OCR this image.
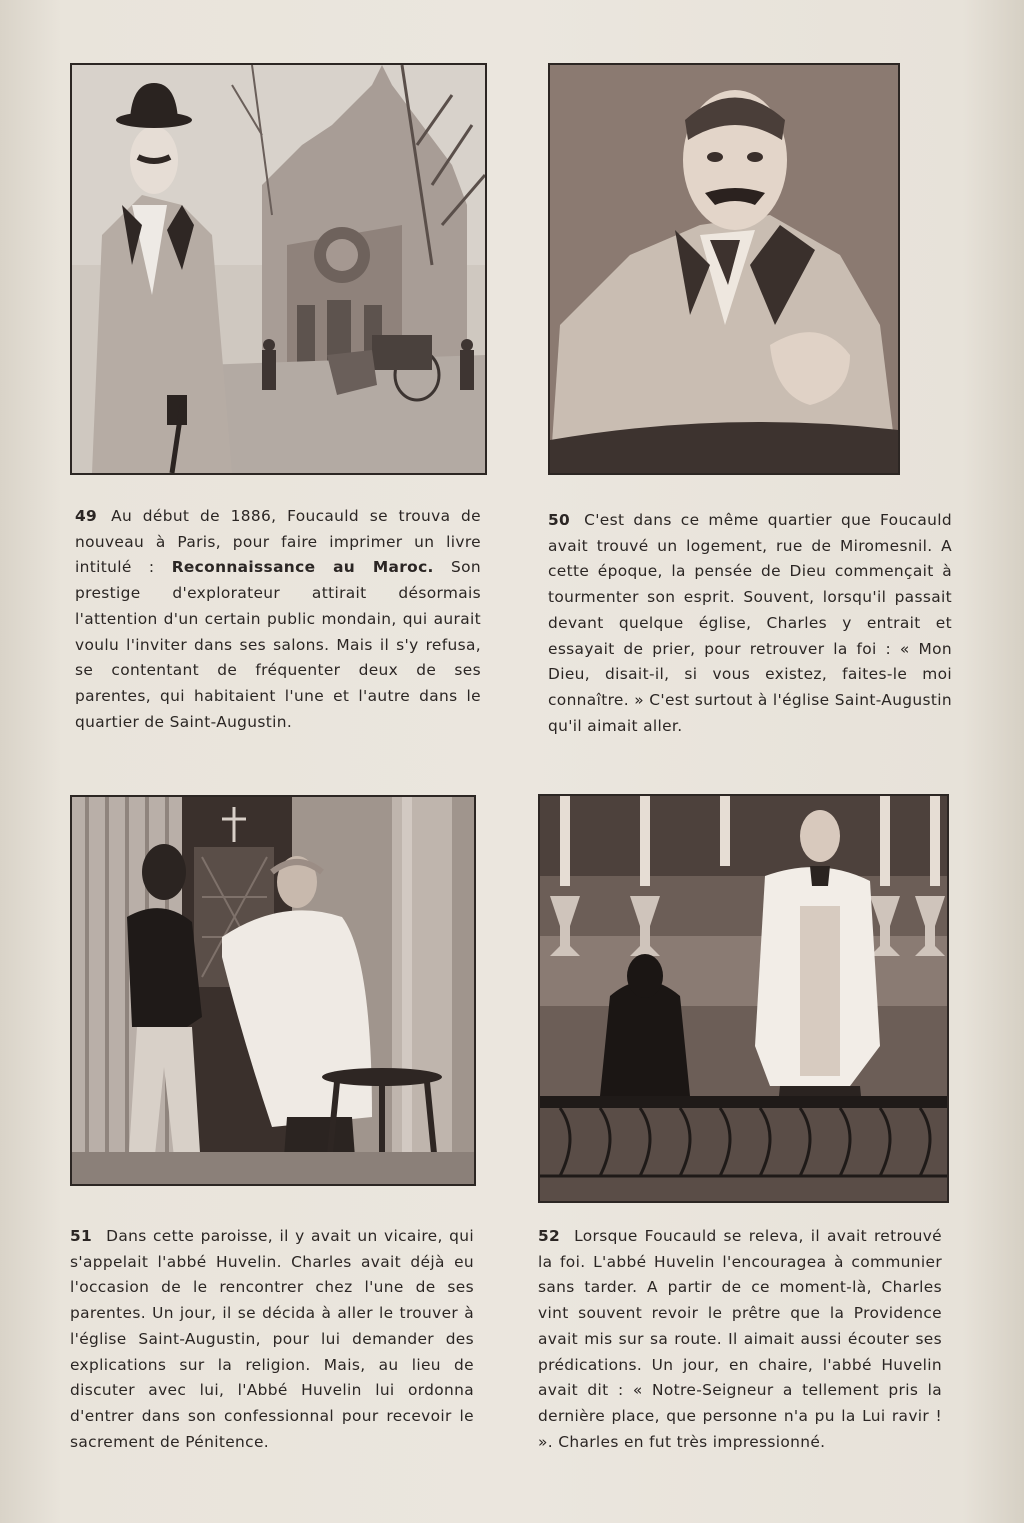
49 Au début de 1886, Foucauld se trouva de nouveau à Paris, pour faire imprimer un livre intitulé : Reconnaissance au Maroc. Son prestige d'explorateur attirait désormais l'attention d'un certain public mondain, qui aurait voulu l'inviter dans ses salons. Mais il s'y refusa, se contentant de fréquenter deux de ses parentes, qui habitaient l'une et l'autre dans le quartier de Saint-Augustin.

50 C'est dans ce même quartier que Foucauld avait trouvé un logement, rue de Miromesnil. A cette époque, la pensée de Dieu commençait à tourmenter son esprit. Souvent, lorsqu'il passait devant quelque église, Charles y entrait et essayait de prier, pour retrouver la foi : « Mon Dieu, disait-il, si vous existez, faites-le moi connaître. » C'est surtout à l'église Saint-Augustin qu'il aimait aller.

51 Dans cette paroisse, il y avait un vicaire, qui s'appelait l'abbé Huvelin. Charles avait déjà eu l'occasion de le rencontrer chez l'une de ses parentes. Un jour, il se décida à aller le trouver à l'église Saint-Augustin, pour lui demander des explications sur la religion. Mais, au lieu de discuter avec lui, l'Abbé Huvelin lui ordonna d'entrer dans son confessionnal pour recevoir le sacrement de Pénitence.

52 Lorsque Foucauld se releva, il avait retrouvé la foi. L'abbé Huvelin l'encouragea à communier sans tarder. A partir de ce moment-là, Charles vint souvent revoir le prêtre que la Providence avait mis sur sa route. Il aimait aussi écouter ses prédications. Un jour, en chaire, l'abbé Huvelin avait dit : « Notre-Seigneur a tellement pris la dernière place, que personne n'a pu la Lui ravir ! ». Charles en fut très impressionné.
